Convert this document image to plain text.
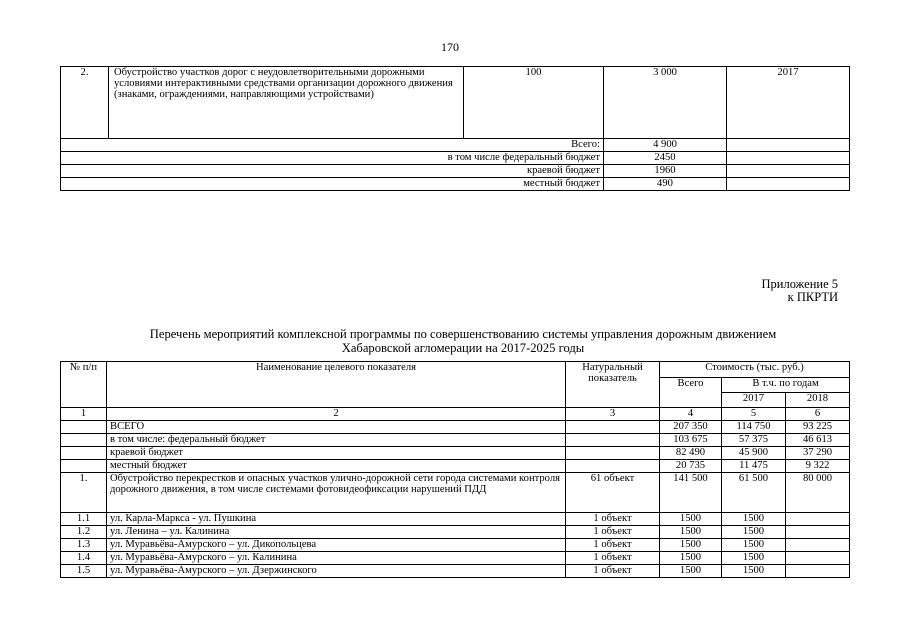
170
2.	Обустройство участков дорог с неудовлетворительными дорожными условиями интерактивными средствами организации дорожного движения (знаками, ограждениями, направляющими устройствами)	100	3 000	2017
Всего:			4 900	
в том числе федеральный бюджет			2450	
краевой бюджет			1960	
местный бюджет			490	
Приложение 5
к ПКРТИ
Перечень мероприятий комплексной программы по совершенствованию системы управления дорожным движением
Хабаровской агломерации на 2017-2025 годы
№ п/п	Наименование целевого показателя	Натуральный показатель	Стоимость (тыс. руб.)		
			Всего	В т.ч. по годам	
				2017	2018
1	2	3	4	5	6
	ВСЕГО		207 350	114 750	93 225
	в том числе: федеральный бюджет		103 675	57 375	46 613
	краевой бюджет		82 490	45 900	37 290
	местный бюджет		20 735	11 475	9 322
1.	Обустройство перекрестков и опасных участков улично-дорожной сети города системами контроля дорожного движения, в том числе системами фотовидеофиксации нарушений ПДД	61 объект	141 500	61 500	80 000
1.1	ул. Карла-Маркса - ул. Пушкина	1 объект	1500	1500	
1.2	ул. Ленина – ул. Калинина	1 объект	1500	1500	
1.3	ул. Муравьёва-Амурского – ул. Дикопольцева	1 объект	1500	1500	
1.4	ул. Муравьёва-Амурского – ул. Калинина	1 объект	1500	1500	
1.5	ул. Муравьёва-Амурского – ул. Дзержинского	1 объект	1500	1500	
